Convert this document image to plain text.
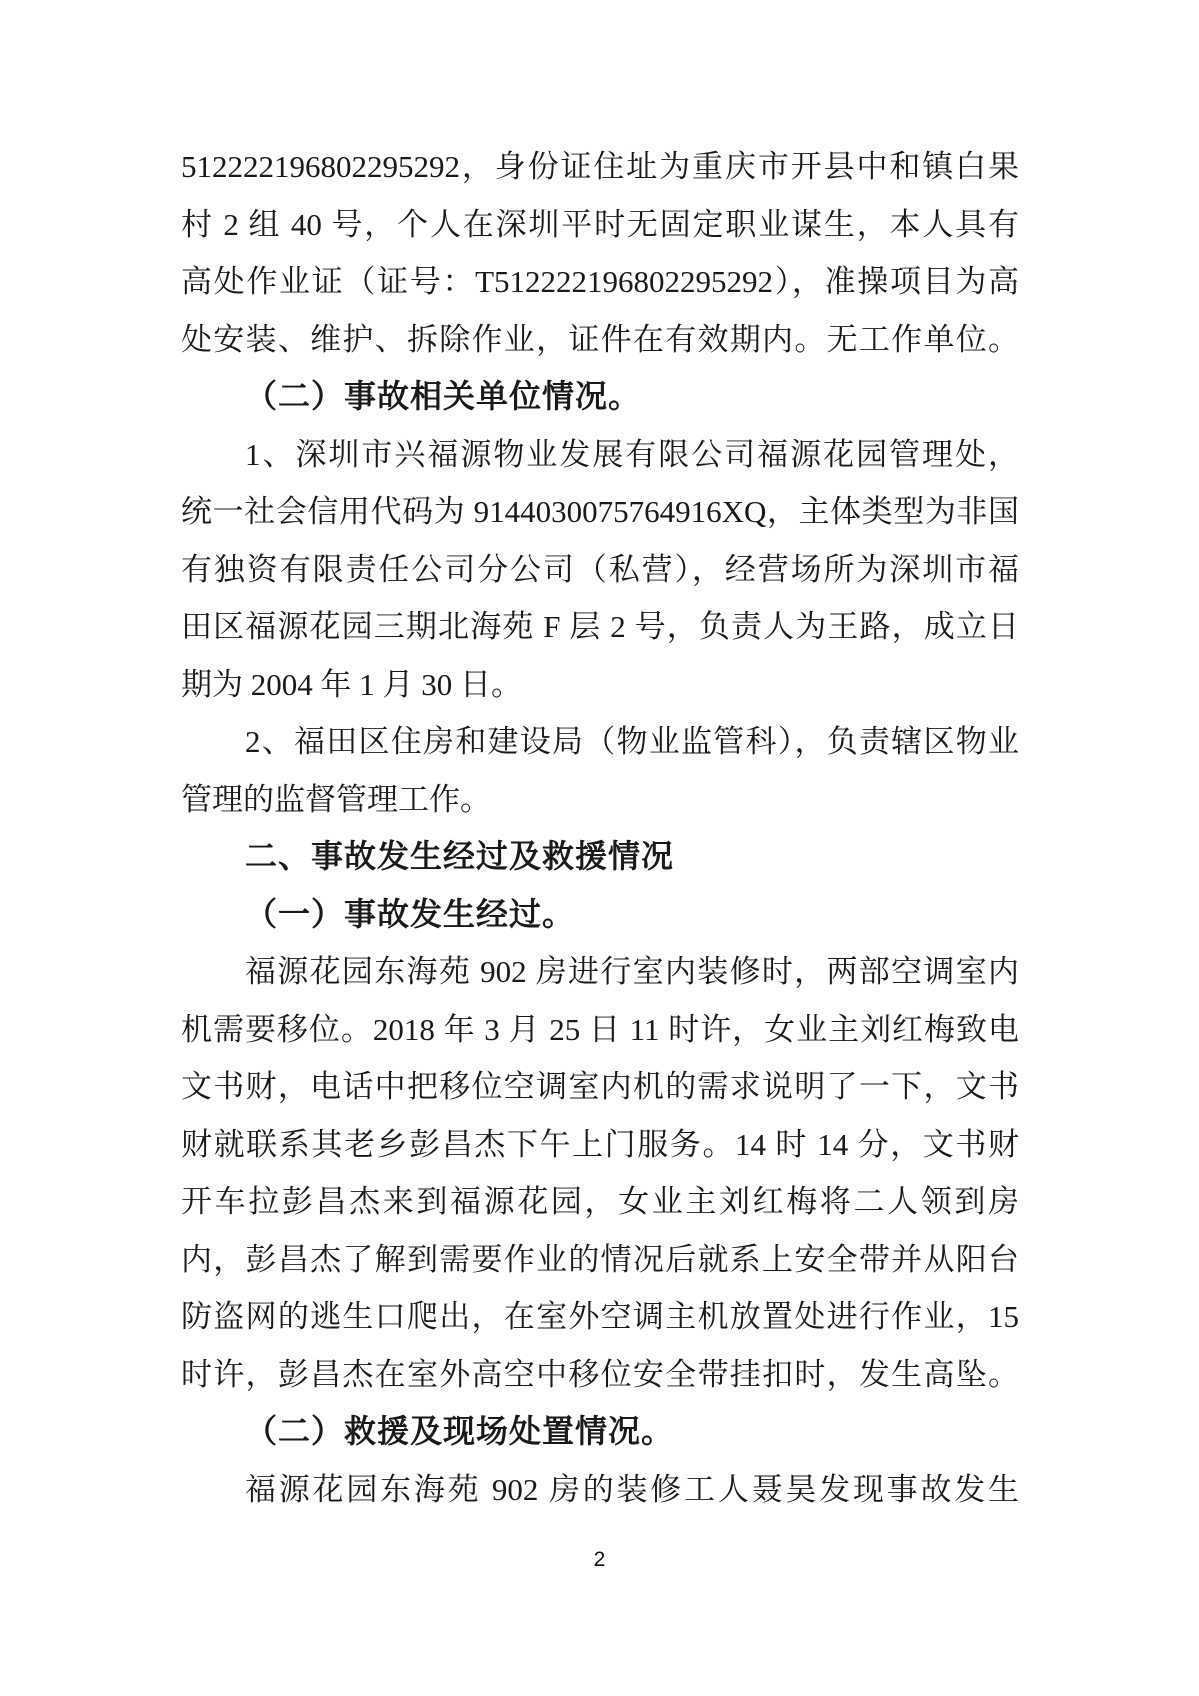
512222196802295292，身份证住址为重庆市开县中和镇白果
村 2 组 40 号，个人在深圳平时无固定职业谋生，本人具有
高处作业证（证号：T512222196802295292），准操项目为高
处安装、维护、拆除作业，证件在有效期内。无工作单位。
（二）事故相关单位情况。
1、深圳市兴福源物业发展有限公司福源花园管理处，
统一社会信用代码为 9144030075764916XQ，主体类型为非国
有独资有限责任公司分公司（私营），经营场所为深圳市福
田区福源花园三期北海苑 F 层 2 号，负责人为王路，成立日
期为 2004 年 1 月 30 日。
2、福田区住房和建设局（物业监管科），负责辖区物业
管理的监督管理工作。
二、事故发生经过及救援情况
（一）事故发生经过。
福源花园东海苑 902 房进行室内装修时，两部空调室内
机需要移位。2018 年 3 月 25 日 11 时许，女业主刘红梅致电
文书财，电话中把移位空调室内机的需求说明了一下，文书
财就联系其老乡彭昌杰下午上门服务。14 时 14 分，文书财
开车拉彭昌杰来到福源花园，女业主刘红梅将二人领到房
内，彭昌杰了解到需要作业的情况后就系上安全带并从阳台
防盗网的逃生口爬出，在室外空调主机放置处进行作业，15
时许，彭昌杰在室外高空中移位安全带挂扣时，发生高坠。
（二）救援及现场处置情况。
福源花园东海苑 902 房的装修工人聂昊发现事故发生
2
